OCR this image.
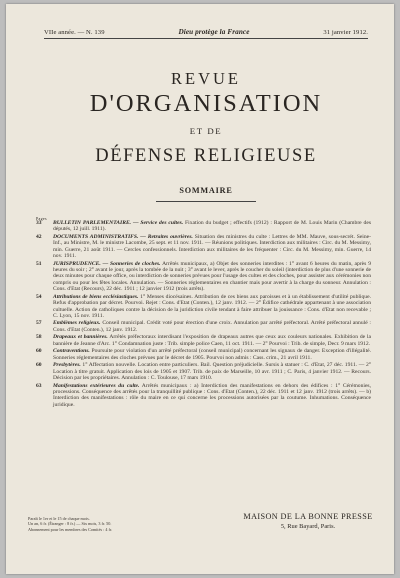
VIIe année. — N. 139	Dieu protège la France	31 janvier 1912.
REVUE
D'ORGANISATION
ET DE
DÉFENSE RELIGIEUSE
SOMMAIRE
Pages
33	BULLETIN PARLEMENTAIRE. — Service des cultes. Fixation du budget ; effectifs (1912) : Rapport de M. Louis Marin (Chambre des députés, 12 juill. 1911).
42	DOCUMENTS ADMINISTRATIFS. — Retraites ouvrières. Situation des ministres du culte : Lettres de MM. Mauve, sous-secrét. Seine-Inf., au Ministre, M. le ministre Lacombe, 25 sept. et 11 nov. 1911. — Réunions politiques. Interdiction aux militaires : Circ. du M. Messimy, min. Guerre, 21 août 1911. — Cercles confessionnels. Interdiction aux militaires de les fréquenter : Circ. du M. Messimy, min. Guerre, 14 nov. 1911.
51	JURISPRUDENCE. — Sonneries de cloches. Arrêtés municipaux, a) Objet des sonneries interdites : 1° avant 6 heures du matin, après 9 heures du soir ; 2° avant le jour, après la tombée de la nuit ; 3° avant le lever, après le coucher du soleil (interdiction de plus d'une sonnerie de deux minutes pour chaque office, ou interdiction de sonneries prévues pour l'usage des cultes et des cloches, pour assister aux cérémonies non compris ou pour les fêtes locales. Annulation. — Sonneries réglementaires en chantier mais pour avertir à la charge du sonneur. Annulation : Cons. d'Etat (Recours), 22 déc. 1911 ; 12 janvier 1912 (trois arrêts).
54	Attributions de biens ecclésiastiques. 1° Menses diocésaines. Attribution de ces biens aux paroisses et à un établissement d'utilité publique. Refus d'approbation par décret. Pourvoi. Rejet : Cons. d'Etat (Conten.), 12 janv. 1912. — 2° Édifice cathédrale appartenant à une association cultuelle. Action de catholiques contre la décision de la juridiction civile tendant à faire attribuer la jouissance : Cons. d'Etat non recevable ; C. Lyon, 15 nov. 1911.
57	Emblèmes religieux. Conseil municipal. Crédit voté pour érection d'une croix. Annulation par arrêté préfectoral. Arrêté préfectoral annulé : Cons. d'Etat (Conten.), 12 janv. 1912.
58	Drapeaux et bannières. Arrêtés préfectoraux interdisant l'exposition de drapeaux autres que ceux aux couleurs nationales. Exhibition de la bannière de Jeanne d'Arc. 1° Condamnation juste : Trib. simple police Caen, 11 oct. 1911. — 2° Pourvoi : Trib. de simple, Decr. 9 mars 1912.
60	Contraventions. Poursuite pour violation d'un arrêté préfectoral (conseil municipal) concernant les signaux de danger. Exception d'illégalité. Sonneries réglementaires des cloches prévues par le décret de 1905. Pourvoi non admis : Cass. crim., 21 avril 1911.
60	Presbytères. 1° Affectation nouvelle. Location entre particuliers. Bail. Question préjudicielle. Sursis à statuer : C. d'Etat, 27 déc. 1911. — 2° Location à titre gratuit. Application des lois de 1905 et 1907. Trib. de paix de Marseille, 10 avr. 1911 ; C. Paris, 4 janvier 1912. — Recours. Décision par les propriétaires. Annulation : C. Toulouse, 17 mars 1910.
63	Manifestations extérieures du culte. Arrêtés municipaux : a) Interdiction des manifestations en dehors des édifices : 1° Cérémonies, processions. Conséquence des arrêtés pour la tranquillité publique : Cons. d'Etat (Conten.), 22 déc. 1911 et 12 janv. 1912 (trois arrêts). — b) Interdiction des manifestations : rôle du maire en ce qui concerne les processions autorisées par la coutume. Inhumations. Conséquence juridique.
Paraît le 1er et le 15 de chaque mois.
Un an, 6 fr. (Étranger : 8 fr.) — Six mois, 3 fr. 50.
Abonnement pour les membres des Comités : 4 fr.
MAISON DE LA BONNE PRESSE
5, Rue Bayard, Paris.
